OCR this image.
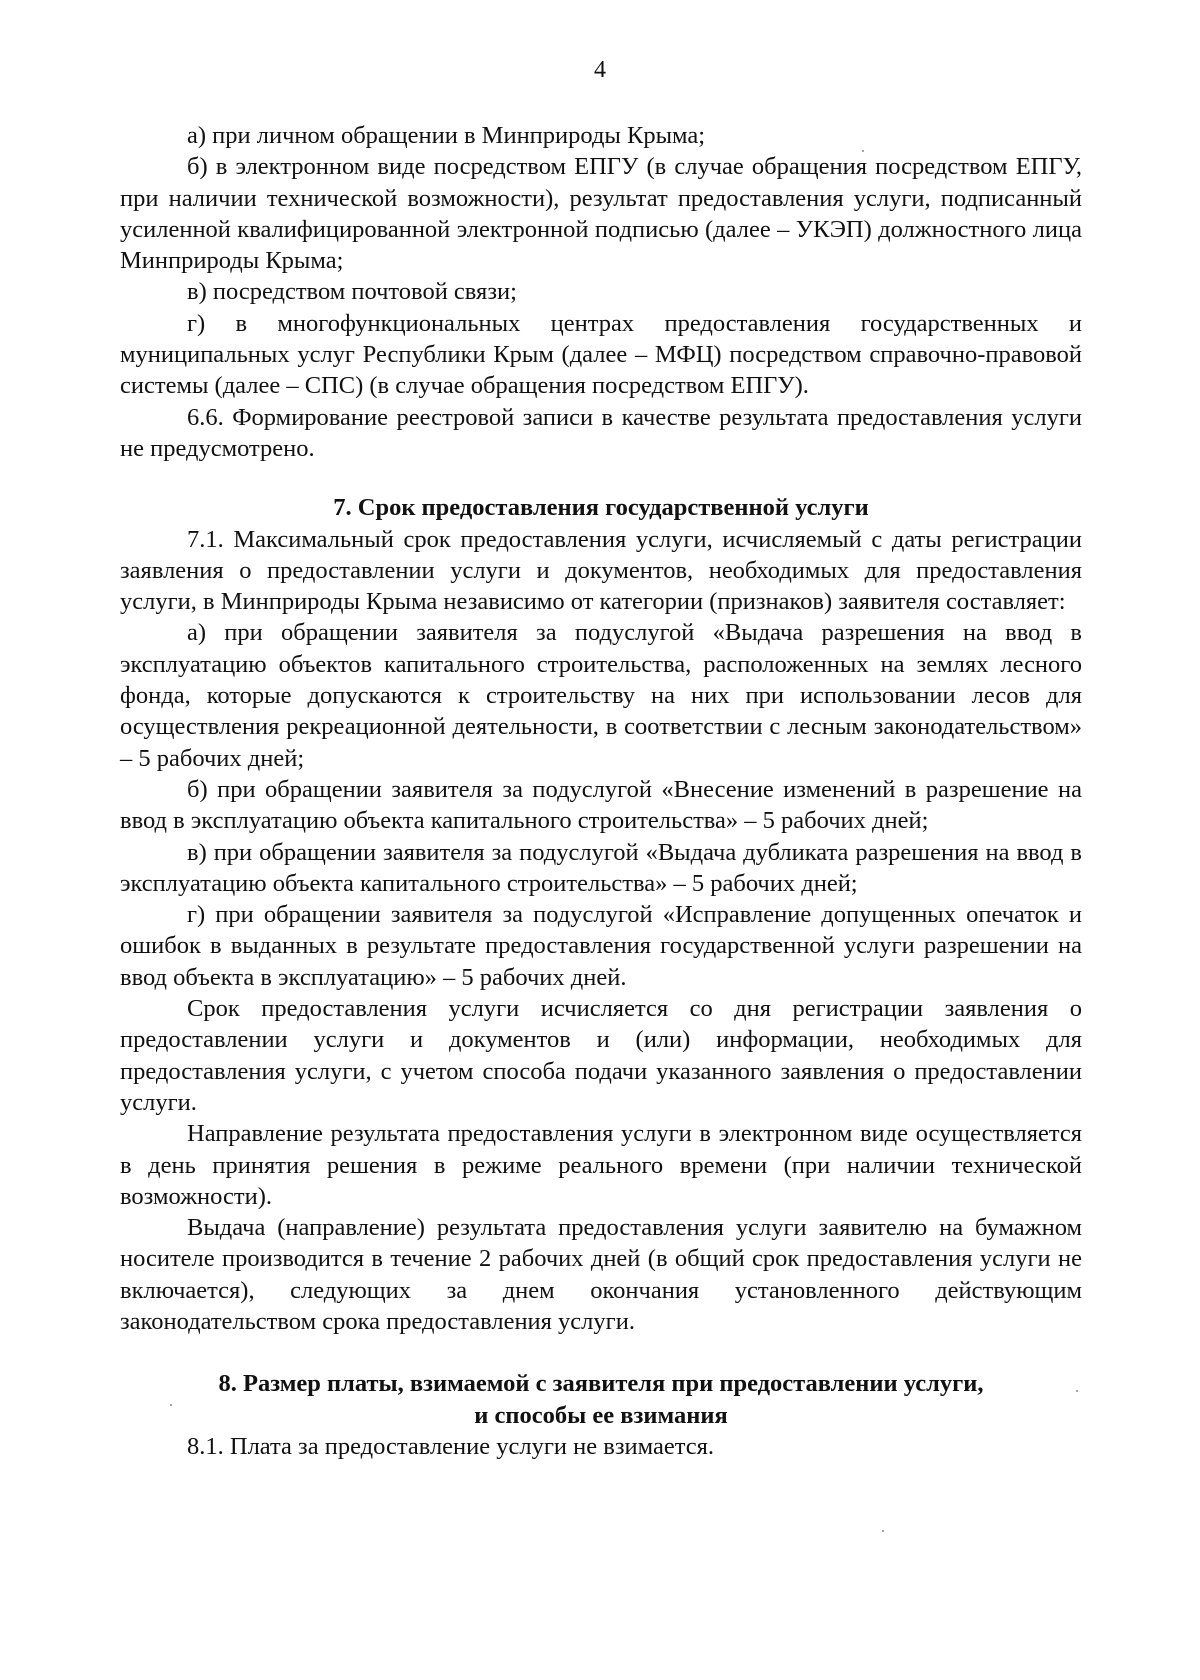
4

а) при личном обращении в Минприроды Крыма;

б) в электронном виде посредством ЕПГУ (в случае обращения посредством ЕПГУ, при наличии технической возможности), результат предоставления услуги, подписанный усиленной квалифицированной электронной подписью (далее – УКЭП) должностного лица Минприроды Крыма;

в) посредством почтовой связи;

г) в многофункциональных центрах предоставления государственных и муниципальных услуг Республики Крым (далее – МФЦ) посредством справочно-правовой системы (далее – СПС) (в случае обращения посредством ЕПГУ).

6.6. Формирование реестровой записи в качестве результата предоставления услуги не предусмотрено.

7. Срок предоставления государственной услуги

7.1. Максимальный срок предоставления услуги, исчисляемый с даты регистрации заявления о предоставлении услуги и документов, необходимых для предоставления услуги, в Минприроды Крыма независимо от категории (признаков) заявителя составляет:

а) при обращении заявителя за подуслугой «Выдача разрешения на ввод в эксплуатацию объектов капитального строительства, расположенных на землях лесного фонда, которые допускаются к строительству на них при использовании лесов для осуществления рекреационной деятельности, в соответствии с лесным законодательством» – 5 рабочих дней;

б) при обращении заявителя за подуслугой «Внесение изменений в разрешение на ввод в эксплуатацию объекта капитального строительства» – 5 рабочих дней;

в) при обращении заявителя за подуслугой «Выдача дубликата разрешения на ввод в эксплуатацию объекта капитального строительства» – 5 рабочих дней;

г) при обращении заявителя за подуслугой «Исправление допущенных опечаток и ошибок в выданных в результате предоставления государственной услуги разрешении на ввод объекта в эксплуатацию» – 5 рабочих дней.

Срок предоставления услуги исчисляется со дня регистрации заявления о предоставлении услуги и документов и (или) информации, необходимых для предоставления услуги, с учетом способа подачи указанного заявления о предоставлении услуги.

Направление результата предоставления услуги в электронном виде осуществляется в день принятия решения в режиме реального времени (при наличии технической возможности).

Выдача (направление) результата предоставления услуги заявителю на бумажном носителе производится в течение 2 рабочих дней (в общий срок предоставления услуги не включается), следующих за днем окончания установленного действующим законодательством срока предоставления услуги.

8. Размер платы, взимаемой с заявителя при предоставлении услуги,
и способы ее взимания

8.1. Плата за предоставление услуги не взимается.
